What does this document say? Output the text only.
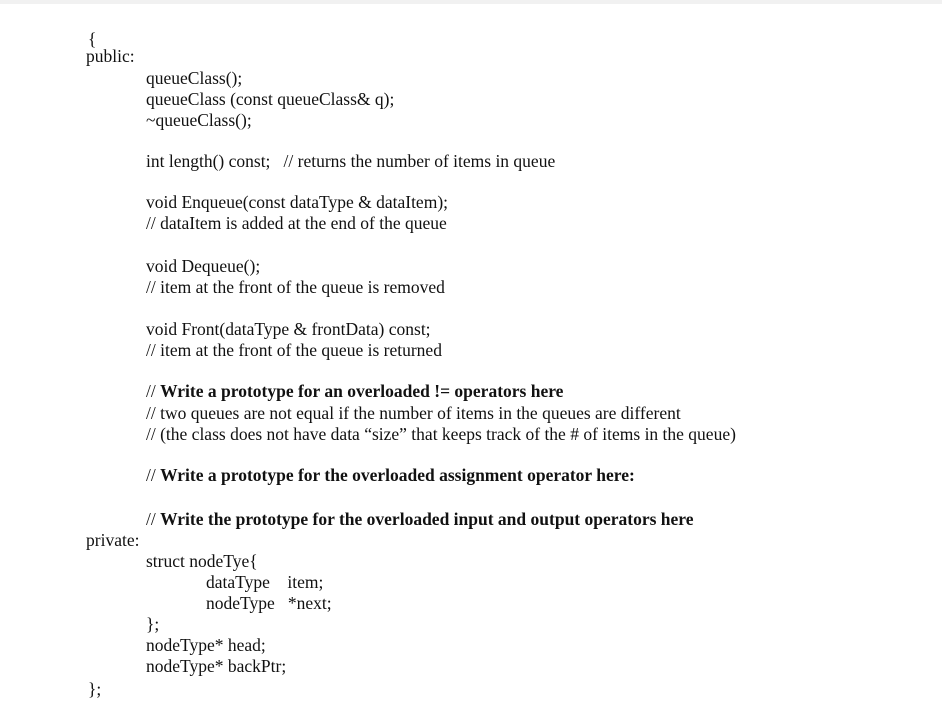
{
public:
queueClass();
queueClass (const queueClass& q);
~queueClass();
int length() const;   // returns the number of items in queue
void Enqueue(const dataType & dataItem);
// dataItem is added at the end of the queue
void Dequeue();
// item at the front of the queue is removed
void Front(dataType & frontData) const;
// item at the front of the queue is returned
// Write a prototype for an overloaded != operators here
// two queues are not equal if the number of items in the queues are different
// (the class does not have data “size” that keeps track of the # of items in the queue)
// Write a prototype for the overloaded assignment operator here:
// Write the prototype for the overloaded input and output operators here
private:
struct nodeTye{
dataType    item;
nodeType   *next;
};
nodeType* head;
nodeType* backPtr;
};
